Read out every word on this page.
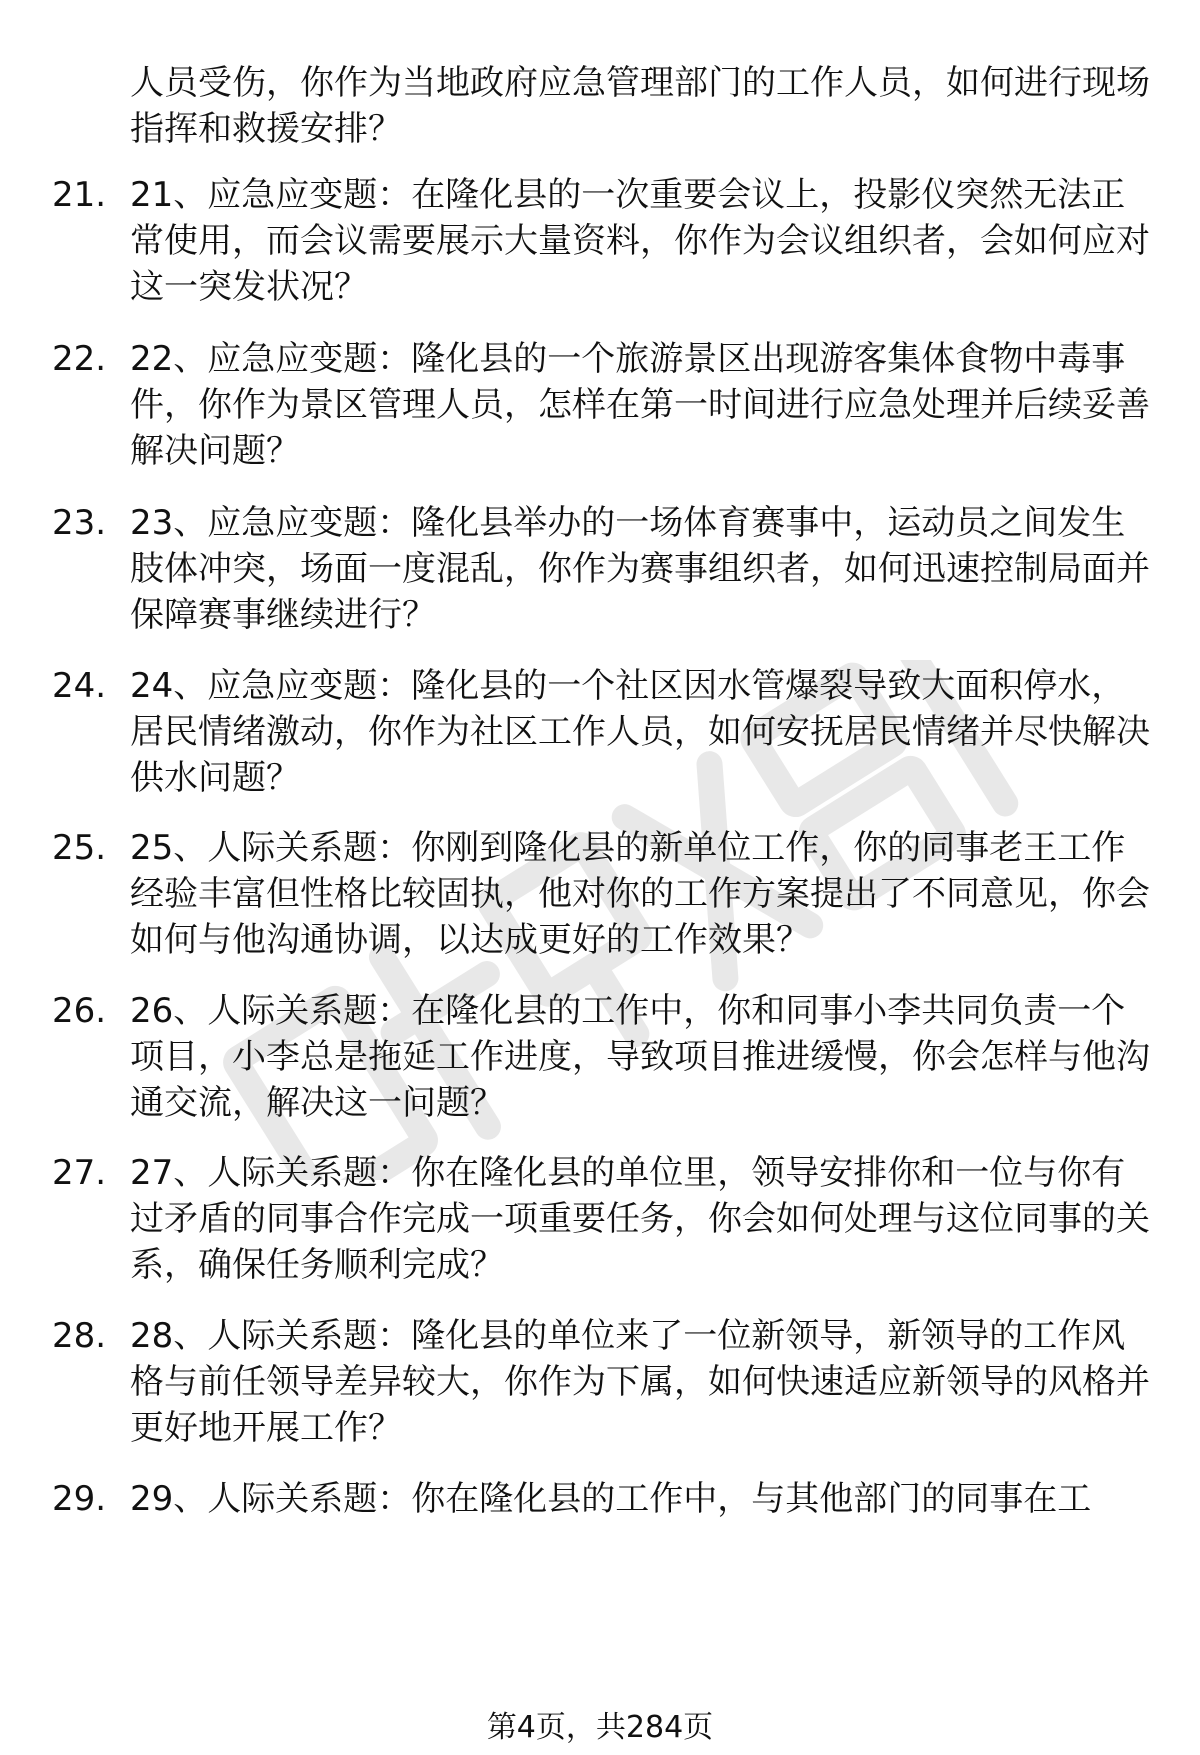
人员受伤，你作为当地政府应急管理部门的工作人员，如何进行现场指挥和救援安排？

21. 21、应急应变题：在隆化县的一次重要会议上，投影仪突然无法正常使用，而会议需要展示大量资料，你作为会议组织者，会如何应对这一突发状况？

22. 22、应急应变题：隆化县的一个旅游景区出现游客集体食物中毒事件，你作为景区管理人员，怎样在第一时间进行应急处理并后续妥善解决问题？

23. 23、应急应变题：隆化县举办的一场体育赛事中，运动员之间发生肢体冲突，场面一度混乱，你作为赛事组织者，如何迅速控制局面并保障赛事继续进行？

24. 24、应急应变题：隆化县的一个社区因水管爆裂导致大面积停水，居民情绪激动，你作为社区工作人员，如何安抚居民情绪并尽快解决供水问题？

25. 25、人际关系题：你刚到隆化县的新单位工作，你的同事老王工作经验丰富但性格比较固执，他对你的工作方案提出了不同意见，你会如何与他沟通协调，以达成更好的工作效果？

26. 26、人际关系题：在隆化县的工作中，你和同事小李共同负责一个项目，小李总是拖延工作进度，导致项目推进缓慢，你会怎样与他沟通交流，解决这一问题？

27. 27、人际关系题：你在隆化县的单位里，领导安排你和一位与你有过矛盾的同事合作完成一项重要任务，你会如何处理与这位同事的关系，确保任务顺利完成？

28. 28、人际关系题：隆化县的单位来了一位新领导，新领导的工作风格与前任领导差异较大，你作为下属，如何快速适应新领导的风格并更好地开展工作？

29. 29、人际关系题：你在隆化县的工作中，与其他部门的同事在工

第4页，共284页
